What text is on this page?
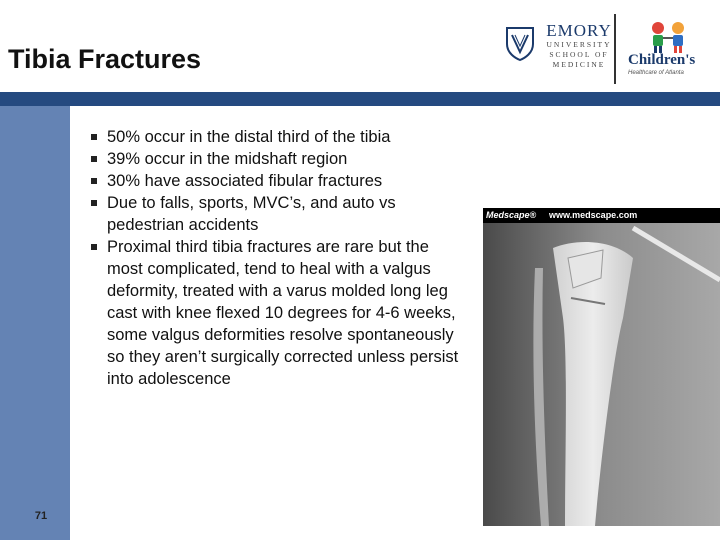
Tibia Fractures
EMORY
UNIVERSITY
SCHOOL OF
MEDICINE	Children's
Healthcare of Atlanta
71
50% occur in the distal third of the tibia
39% occur in the midshaft region
30% have associated fibular fractures
Due to falls, sports, MVC’s, and auto vs pedestrian accidents
Proximal third tibia fractures are rare but the most complicated, tend to heal with a valgus deformity, treated with a varus molded long leg cast with knee flexed 10 degrees for 4-6 weeks, some valgus deformities resolve spontaneously so they aren’t surgically corrected unless persist into adolescence
Medscape® www.medscape.com
